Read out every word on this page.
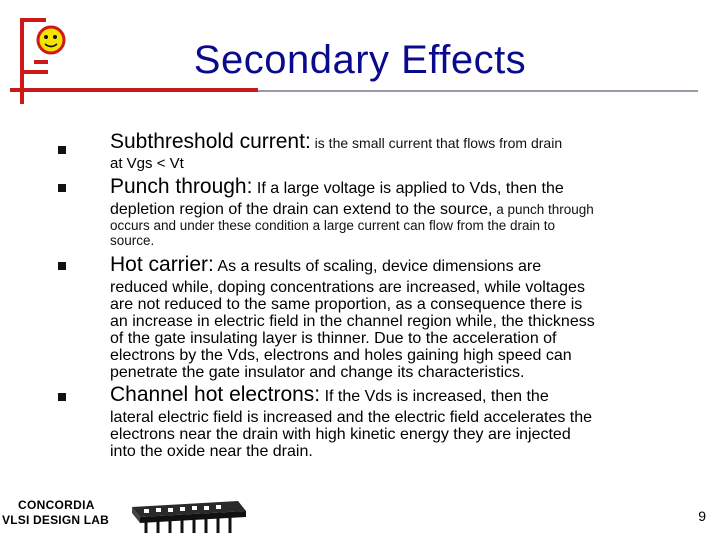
Secondary Effects
Subthreshold current: is the small current that flows from drain
at Vgs < Vt
Punch through: If a large voltage is applied to Vds, then the
depletion region of the drain can extend to the source, a punch through
occurs and under these condition a large current can flow from the drain to
source.
Hot carrier: As a results of scaling, device dimensions are
reduced while, doping concentrations are increased, while voltages
are not reduced to the same proportion, as a consequence there is
an increase in electric field in the channel region while, the thickness
of the gate insulating layer is thinner. Due to the acceleration of
electrons by the Vds, electrons and holes gaining high speed can
penetrate the gate insulator and change its characteristics.
Channel hot electrons: If the Vds is increased, then the
lateral electric field is increased and the electric field accelerates the
electrons near the drain with high kinetic energy they are injected
into the oxide near the drain.
CONCORDIA
VLSI DESIGN LAB	9
